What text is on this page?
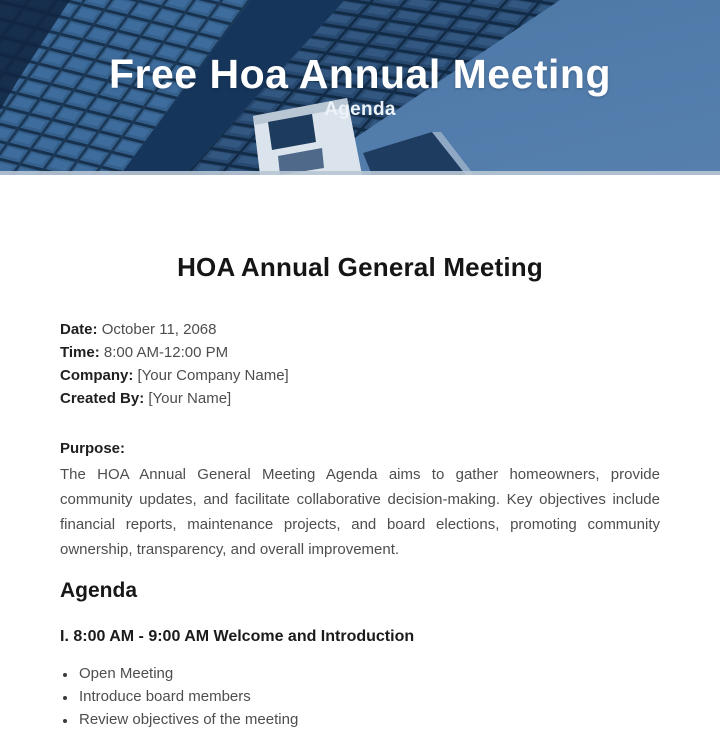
Free Hoa Annual Meeting
Agenda
HOA Annual General Meeting
Date: October 11, 2068
Time: 8:00 AM-12:00 PM
Company: [Your Company Name]
Created By: [Your Name]
Purpose:

The HOA Annual General Meeting Agenda aims to gather homeowners, provide community updates, and facilitate collaborative decision-making. Key objectives include financial reports, maintenance projects, and board elections, promoting community ownership, transparency, and overall improvement.

Agenda
I. 8:00 AM - 9:00 AM Welcome and Introduction
• Open Meeting
• Introduce board members
• Review objectives of the meeting
